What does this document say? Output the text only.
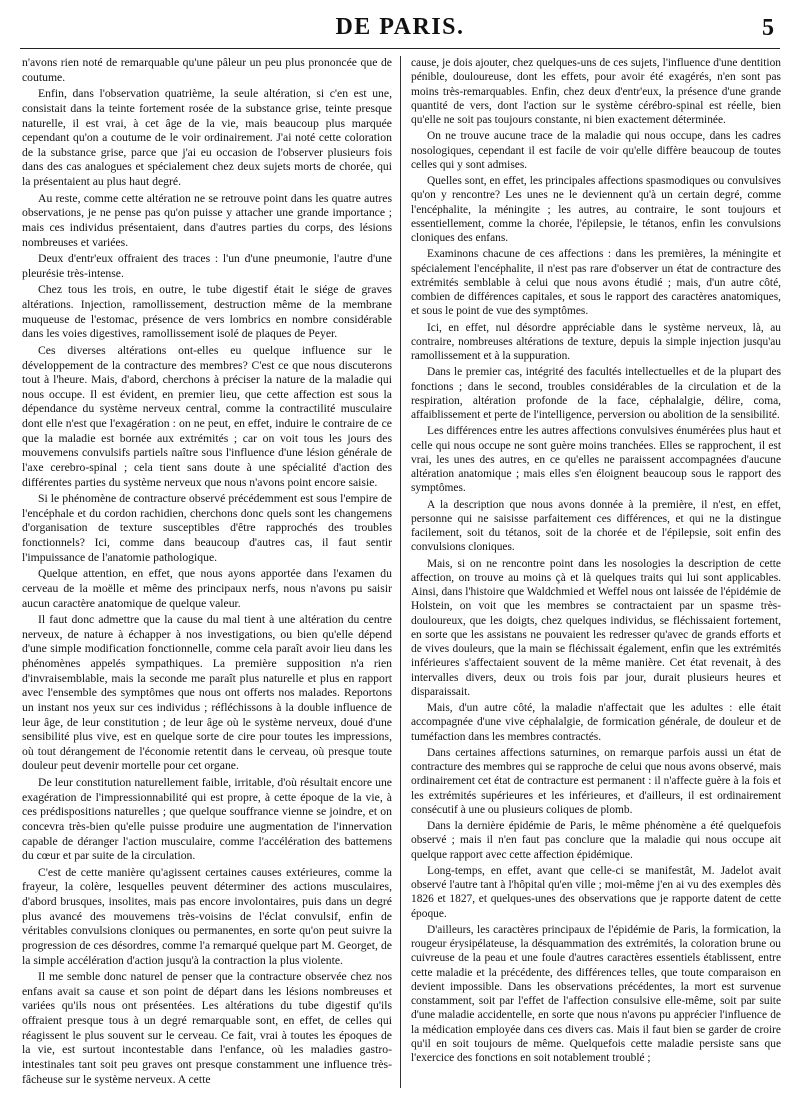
DE PARIS.	5

n'avons rien noté de remarquable qu'une pâleur un peu plus prononcée que de coutume.

Enfin, dans l'observation quatrième, la seule altération, si c'en est une, consistait dans la teinte fortement rosée de la substance grise, teinte presque naturelle, il est vrai, à cet âge de la vie, mais beaucoup plus marquée cependant qu'on a coutume de le voir ordinairement. J'ai noté cette coloration de la substance grise, parce que j'ai eu occasion de l'observer plusieurs fois dans des cas analogues et spécialement chez deux sujets morts de chorée, qui la présentaient au plus haut degré.

Au reste, comme cette altération ne se retrouve point dans les quatre autres observations, je ne pense pas qu'on puisse y attacher une grande importance ; mais ces individus présentaient, dans d'autres parties du corps, des lésions nombreuses et variées.

Deux d'entr'eux offraient des traces : l'un d'une pneumonie, l'autre d'une pleurésie très-intense.

Chez tous les trois, en outre, le tube digestif était le siége de graves altérations. Injection, ramollissement, destruction même de la membrane muqueuse de l'estomac, présence de vers lombrics en nombre considérable dans les voies digestives, ramollissement isolé de plaques de Peyer.

Ces diverses altérations ont-elles eu quelque influence sur le développement de la contracture des membres? C'est ce que nous discuterons tout à l'heure. Mais, d'abord, cherchons à préciser la nature de la maladie qui nous occupe. Il est évident, en premier lieu, que cette affection est sous la dépendance du système nerveux central, comme la contractilité musculaire dont elle n'est que l'exagération : on ne peut, en effet, induire le contraire de ce que la maladie est bornée aux extrémités ; car on voit tous les jours des mouvemens convulsifs partiels naître sous l'influence d'une lésion générale de l'axe cerebro-spinal ; cela tient sans doute à une spécialité d'action des différentes parties du système nerveux que nous n'avons point encore saisie.

Si le phénomène de contracture observé précédemment est sous l'empire de l'encéphale et du cordon rachidien, cherchons donc quels sont les changemens d'organisation de texture susceptibles d'être rapprochés des troubles fonctionnels? Ici, comme dans beaucoup d'autres cas, il faut sentir l'impuissance de l'anatomie pathologique.

Quelque attention, en effet, que nous ayons apportée dans l'examen du cerveau de la moëlle et même des principaux nerfs, nous n'avons pu saisir aucun caractère anatomique de quelque valeur.

Il faut donc admettre que la cause du mal tient à une altération du centre nerveux, de nature à échapper à nos investigations, ou bien qu'elle dépend d'une simple modification fonctionnelle, comme cela paraît avoir lieu dans les phénomènes appelés sympathiques. La première supposition n'a rien d'invraisemblable, mais la seconde me paraît plus naturelle et plus en rapport avec l'ensemble des symptômes que nous ont offerts nos malades. Reportons un instant nos yeux sur ces individus ; réfléchissons à la double influence de leur âge, de leur constitution ; de leur âge où le système nerveux, doué d'une sensibilité plus vive, est en quelque sorte de cire pour toutes les impressions, où tout dérangement de l'économie retentit dans le cerveau, où presque toute douleur peut devenir mortelle pour cet organe.

De leur constitution naturellement faible, irritable, d'où résultait encore une exagération de l'impressionnabilité qui est propre, à cette époque de la vie, à ces prédispositions naturelles ; que quelque souffrance vienne se joindre, et on concevra très-bien qu'elle puisse produire une augmentation de l'innervation capable de déranger l'action musculaire, comme l'accélération des battemens du cœur et par suite de la circulation.

C'est de cette manière qu'agissent certaines causes extérieures, comme la frayeur, la colère, lesquelles peuvent déterminer des actions musculaires, d'abord brusques, insolites, mais pas encore involontaires, puis dans un degré plus avancé des mouvemens très-voisins de l'éclat convulsif, enfin de véritables convulsions cloniques ou permanentes, en sorte qu'on peut suivre la progression de ces désordres, comme l'a remarqué quelque part M. Georget, de la simple accélération d'action jusqu'à la contraction la plus violente.

Il me semble donc naturel de penser que la contracture observée chez nos enfans avait sa cause et son point de départ dans les lésions nombreuses et variées qu'ils nous ont présentées. Les altérations du tube digestif qu'ils offraient presque tous à un degré remarquable sont, en effet, de celles qui réagissent le plus souvent sur le cerveau. Ce fait, vrai à toutes les époques de la vie, est surtout incontestable dans l'enfance, où les maladies gastro-intestinales tant soit peu graves ont presque constamment une influence très-fâcheuse sur le système nerveux. A cette

cause, je dois ajouter, chez quelques-uns de ces sujets, l'influence d'une dentition pénible, douloureuse, dont les effets, pour avoir été exagérés, n'en sont pas moins très-remarquables. Enfin, chez deux d'entr'eux, la présence d'une grande quantité de vers, dont l'action sur le système cérébro-spinal est réelle, bien qu'elle ne soit pas toujours constante, ni bien exactement déterminée.

On ne trouve aucune trace de la maladie qui nous occupe, dans les cadres nosologiques, cependant il est facile de voir qu'elle diffère beaucoup de toutes celles qui y sont admises.

Quelles sont, en effet, les principales affections spasmodiques ou convulsives qu'on y rencontre? Les unes ne le deviennent qu'à un certain degré, comme l'encéphalite, la méningite ; les autres, au contraire, le sont toujours et essentiellement, comme la chorée, l'épilepsie, le tétanos, enfin les convulsions cloniques des enfans.

Examinons chacune de ces affections : dans les premières, la méningite et spécialement l'encéphalite, il n'est pas rare d'observer un état de contracture des extrémités semblable à celui que nous avons étudié ; mais, d'un autre côté, combien de différences capitales, et sous le rapport des caractères anatomiques, et sous le point de vue des symptômes.

Ici, en effet, nul désordre appréciable dans le système nerveux, là, au contraire, nombreuses altérations de texture, depuis la simple injection jusqu'au ramollissement et à la suppuration.

Dans le premier cas, intégrité des facultés intellectuelles et de la plupart des fonctions ; dans le second, troubles considérables de la circulation et de la respiration, altération profonde de la face, céphalalgie, délire, coma, affaiblissement et perte de l'intelligence, perversion ou abolition de la sensibilité.

Les différences entre les autres affections convulsives énumérées plus haut et celle qui nous occupe ne sont guère moins tranchées. Elles se rapprochent, il est vrai, les unes des autres, en ce qu'elles ne paraissent accompagnées d'aucune altération anatomique ; mais elles s'en éloignent beaucoup sous le rapport des symptômes.

A la description que nous avons donnée à la première, il n'est, en effet, personne qui ne saisisse parfaitement ces différences, et qui ne la distingue facilement, soit du tétanos, soit de la chorée et de l'épilepsie, soit enfin des convulsions cloniques.

Mais, si on ne rencontre point dans les nosologies la description de cette affection, on trouve au moins çà et là quelques traits qui lui sont applicables. Ainsi, dans l'histoire que Waldchmied et Weffel nous ont laissée de l'épidémie de Holstein, on voit que les membres se contractaient par un spasme très-douloureux, que les doigts, chez quelques individus, se fléchissaient fortement, en sorte que les assistans ne pouvaient les redresser qu'avec de grands efforts et de vives douleurs, que la main se fléchissait également, enfin que les extrémités inférieures s'affectaient souvent de la même manière. Cet état revenait, à des intervalles divers, deux ou trois fois par jour, durait plusieurs heures et disparaissait.

Mais, d'un autre côté, la maladie n'affectait que les adultes : elle était accompagnée d'une vive céphalalgie, de formication générale, de douleur et de tuméfaction dans les membres contractés.

Dans certaines affections saturnines, on remarque parfois aussi un état de contracture des membres qui se rapproche de celui que nous avons observé, mais ordinairement cet état de contracture est permanent : il n'affecte guère à la fois et les extrémités supérieures et les inférieures, et d'ailleurs, il est ordinairement consécutif à une ou plusieurs coliques de plomb.

Dans la dernière épidémie de Paris, le même phénomène a été quelquefois observé ; mais il n'en faut pas conclure que la maladie qui nous occupe ait quelque rapport avec cette affection épidémique.

Long-temps, en effet, avant que celle-ci se manifestât, M. Jadelot avait observé l'autre tant à l'hôpital qu'en ville ; moi-même j'en ai vu des exemples dès 1826 et 1827, et quelques-unes des observations que je rapporte datent de cette époque.

D'ailleurs, les caractères principaux de l'épidémie de Paris, la formication, la rougeur érysipélateuse, la désquammation des extrémités, la coloration brune ou cuivreuse de la peau et une foule d'autres caractères essentiels établissent, entre cette maladie et la précédente, des différences telles, que toute comparaison en devient impossible. Dans les observations précédentes, la mort est survenue constamment, soit par l'effet de l'affection consulsive elle-même, soit par suite d'une maladie accidentelle, en sorte que nous n'avons pu apprécier l'influence de la médication employée dans ces divers cas. Mais il faut bien se garder de croire qu'il en soit toujours de même. Quelquefois cette maladie persiste sans que l'exercice des fonctions en soit notablement troublé ;
